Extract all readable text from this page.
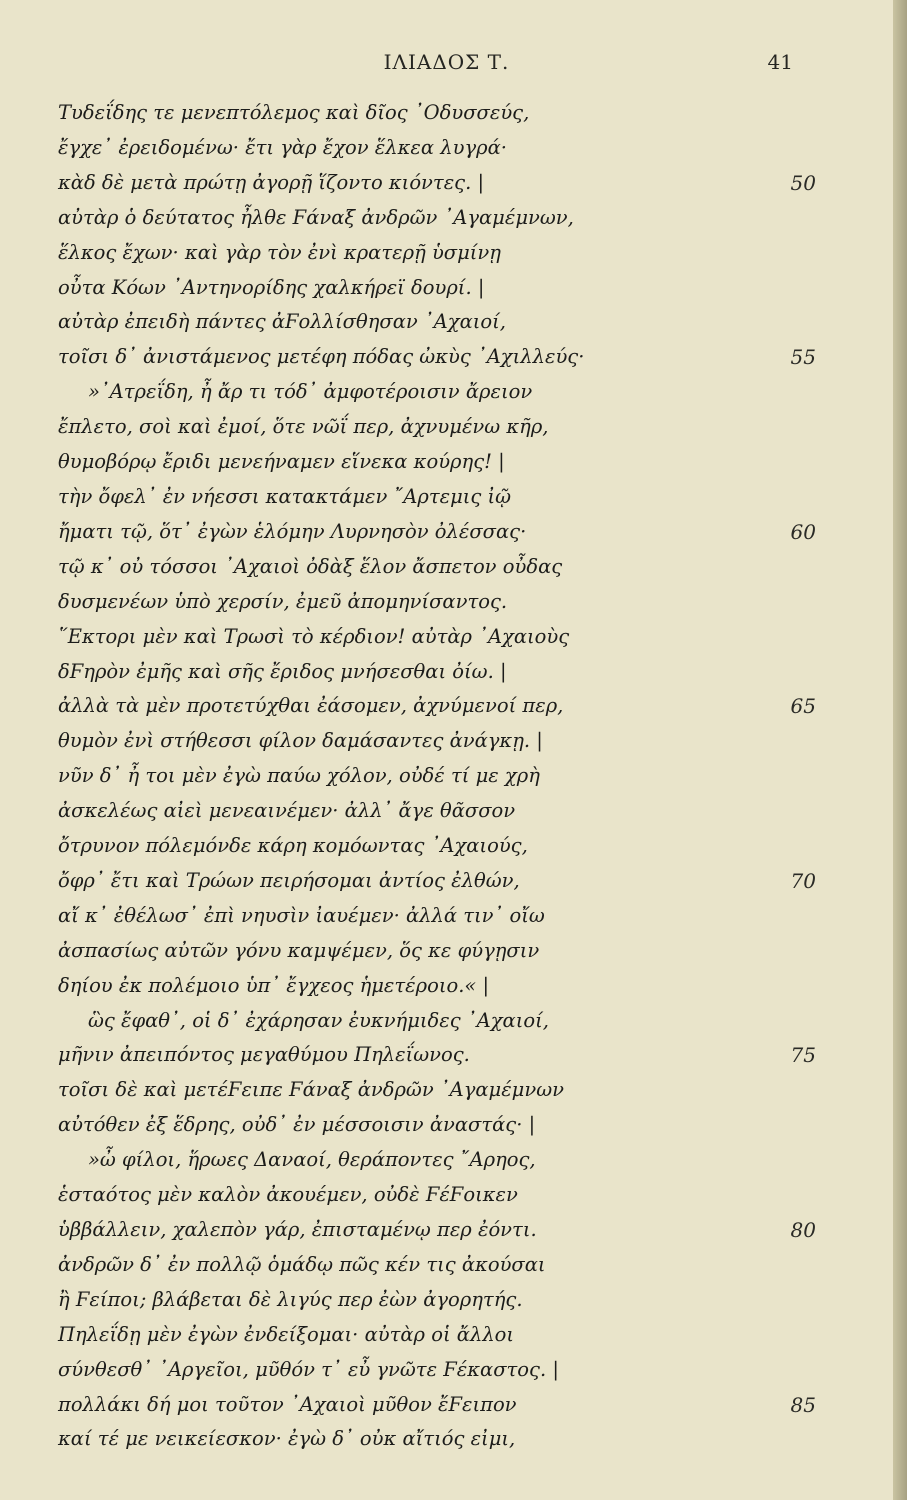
ΙΛΙΑΔΟΣ Τ.	41
Τυδεΐδης τε μενεπτόλεμος καὶ δῖος ᾿Οδυσσεύς,
ἔγχε᾿ ἐρειδομένω· ἔτι γὰρ ἔχον ἕλκεα λυγρά·
κὰδ δὲ μετὰ πρώτῃ ἀγορῇ ἵζοντο κιόντες. |	50
αὐτὰρ ὁ δεύτατος ἦλθε Ϝάναξ ἀνδρῶν ᾿Αγαμέμνων,
ἕλκος ἔχων· καὶ γὰρ τὸν ἐνὶ κρατερῇ ὑσμίνῃ
οὖτα Κόων ᾿Αντηνορίδης χαλκήρεϊ δουρί. |
αὐτὰρ ἐπειδὴ πάντες ἀϜολλίσθησαν ᾿Αχαιοί,
τοῖσι δ᾿ ἀνιστάμενος μετέφη πόδας ὠκὺς ᾿Αχιλλεύς·	55
»᾿Ατρεΐδη, ἦ ἄρ τι τόδ᾿ ἀμφοτέροισιν ἄρειον
ἔπλετο, σοὶ καὶ ἐμοί, ὅτε νῶΐ περ, ἀχνυμένω κῆρ,
θυμοβόρῳ ἔριδι μενεήναμεν εἵνεκα κούρης! |
τὴν ὄφελ᾿ ἐν νήεσσι κατακτάμεν ῎Αρτεμις ἰῷ
ἤματι τῷ, ὅτ᾿ ἐγὼν ἑλόμην Λυρνησὸν ὀλέσσας·	60
τῷ κ᾿ οὐ τόσσοι ᾿Αχαιοὶ ὀδὰξ ἕλον ἄσπετον οὖδας
δυσμενέων ὑπὸ χερσίν, ἐμεῦ ἀπομηνίσαντος.
῞Εκτορι μὲν καὶ Τρωσὶ τὸ κέρδιον! αὐτὰρ ᾿Αχαιοὺς
δϜηρὸν ἐμῆς καὶ σῆς ἔριδος μνήσεσθαι ὀίω. |
ἀλλὰ τὰ μὲν προτετύχθαι ἐάσομεν, ἀχνύμενοί περ,	65
θυμὸν ἐνὶ στήθεσσι φίλον δαμάσαντες ἀνάγκῃ. |
νῦν δ᾿ ἦ τοι μὲν ἐγὼ παύω χόλον, οὐδέ τί με χρὴ
ἀσκελέως αἰεὶ μενεαινέμεν· ἀλλ᾿ ἄγε θᾶσσον
ὄτρυνον πόλεμόνδε κάρη κομόωντας ᾿Αχαιούς,
ὄφρ᾿ ἔτι καὶ Τρώων πειρήσομαι ἀντίος ἐλθών,	70
αἴ κ᾿ ἐθέλωσ᾿ ἐπὶ νηυσὶν ἰαυέμεν· ἀλλά τιν᾿ οἴω
ἀσπασίως αὐτῶν γόνυ καμψέμεν, ὅς κε φύγῃσιν
δηίου ἐκ πολέμοιο ὑπ᾿ ἔγχεος ἡμετέροιο.« |
ὣς ἔφαθ᾿, οἱ δ᾿ ἐχάρησαν ἐυκνήμιδες ᾿Αχαιοί,
μῆνιν ἀπειπόντος μεγαθύμου Πηλεΐωνος.	75
τοῖσι δὲ καὶ μετέϜειπε Ϝάναξ ἀνδρῶν ᾿Αγαμέμνων
αὐτόθεν ἐξ ἕδρης, οὐδ᾿ ἐν μέσσοισιν ἀναστάς· |
»ὦ φίλοι, ἥρωες Δαναοί, θεράποντες ῎Αρηος,
ἑσταότος μὲν καλὸν ἀκουέμεν, οὐδὲ ϜέϜοικεν
ὑββάλλειν, χαλεπὸν γάρ, ἐπισταμένῳ περ ἐόντι.	80
ἀνδρῶν δ᾿ ἐν πολλῷ ὁμάδῳ πῶς κέν τις ἀκούσαι
ἢ Ϝείποι; βλάβεται δὲ λιγύς περ ἐὼν ἀγορητής.
Πηλεΐδῃ μὲν ἐγὼν ἐνδείξομαι· αὐτὰρ οἱ ἄλλοι
σύνθεσθ᾿ ᾿Αργεῖοι, μῦθόν τ᾿ εὖ γνῶτε Ϝέκαστος. |
πολλάκι δή μοι τοῦτον ᾿Αχαιοὶ μῦθον ἔϜειπον	85
καί τέ με νεικείεσκον· ἐγὼ δ᾿ οὐκ αἴτιός εἰμι,
